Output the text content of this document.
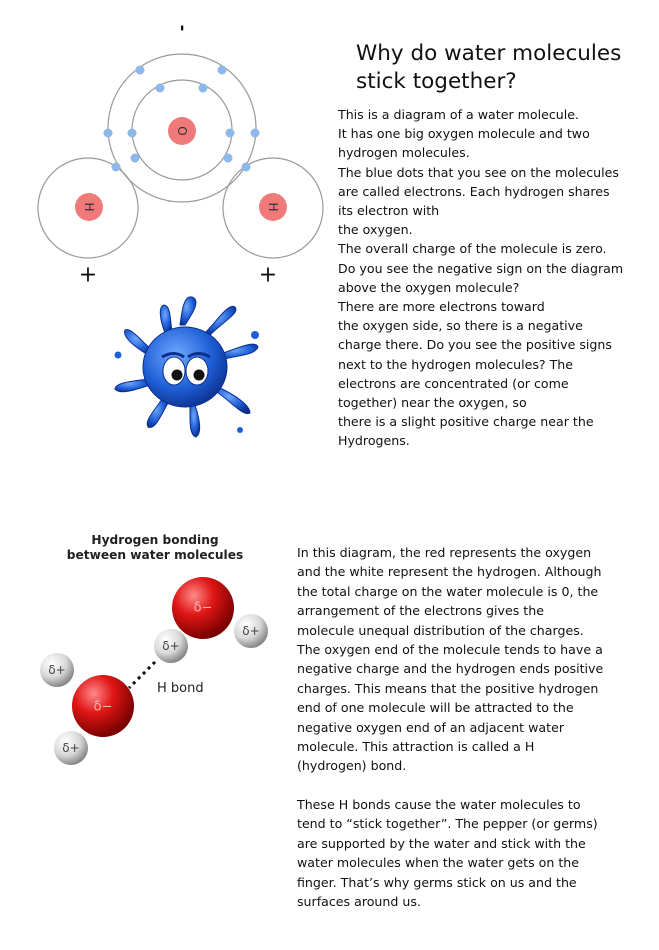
O
H	H
-
+	+
Why do water molecules stick together?
This is a diagram of a water molecule.
It has one big oxygen molecule and two
hydrogen molecules.
The blue dots that you see on the molecules
are called electrons. Each hydrogen shares
its electron with
the oxygen.
The overall charge of the molecule is zero.
Do you see the negative sign on the diagram
above the oxygen molecule?
There are more electrons toward
the oxygen side, so there is a negative
charge there. Do you see the positive signs
next to the hydrogen molecules? The
electrons are concentrated (or come
together) near the oxygen, so
there is a slight positive charge near the
Hydrogens.
Hydrogen bonding
between water molecules
δ−
δ−
δ+
δ+
δ+
δ+
H bond
In this diagram, the red represents the oxygen
and the white represent the hydrogen. Although
the total charge on the water molecule is 0, the
arrangement of the electrons gives the
molecule unequal distribution of the charges.
The oxygen end of the molecule tends to have a
negative charge and the hydrogen ends positive
charges. This means that the positive hydrogen
end of one molecule will be attracted to the
negative oxygen end of an adjacent water
molecule. This attraction is called a H
(hydrogen) bond.
These H bonds cause the water molecules to
tend to “stick together”. The pepper (or germs)
are supported by the water and stick with the
water molecules when the water gets on the
finger. That’s why germs stick on us and the
surfaces around us.
